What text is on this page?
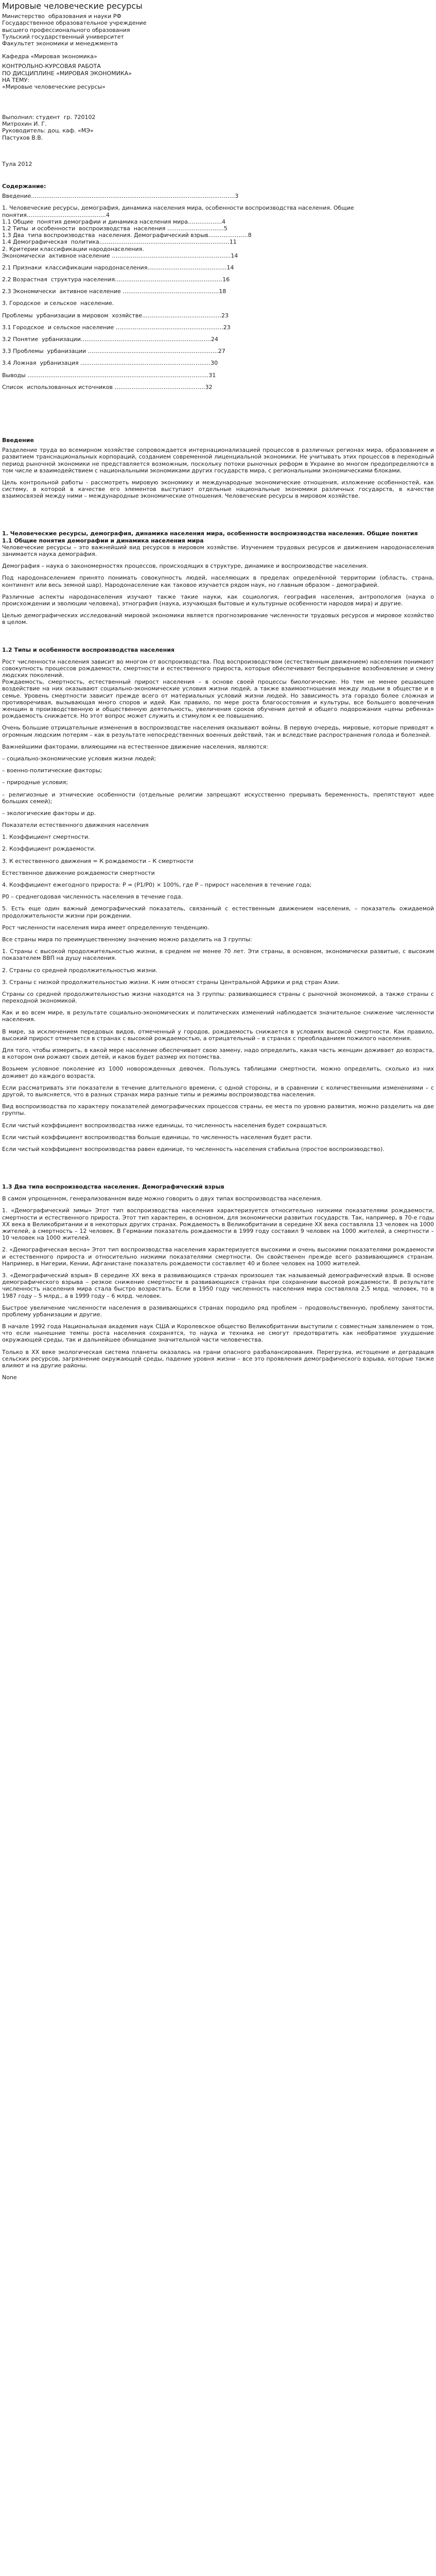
Мировые человеческие ресурсы
Министерство  образования и науки РФ
Государственное образовательное учреждение
высшего профессионального образования
Тульский государственный университет
Факультет экономики и менеджмента
Кафедра «Мировая экономика»
КОНТРОЛЬНО-КУРСОВАЯ РАБОТА
ПО ДИСЦИПЛИНЕ «МИРОВАЯ ЭКОНОМИКА»
НА ТЕМУ:
«Мировые человеческие ресурсы»
Выполнил: студент  гр. 720102
Митрохин И. Г.
Руководитель: доц. каф. «МЭ»
Пастухов В.В.
Тула 2012
Содержание:
Введение………………………………………………………………………………………………3
1. Человеческие ресурсы, демография, динамика населения мира, особенности воспроизводства населения. Общие понятия……………………………………4
1.1 Общие  понятия демографии и динамика населения мира………………4
1.2 Типы  и особенности  воспроизводства  населения …………………………5
1.3 Два  типа воспроизводства  населения. Демографический взрыв…………………8
1.4 Демографическая  политика……………………………………………………………11
2. Критерии классификации народонаселения.
Экономически  активное население ………………………………………………………14
2.1 Признаки  классификации народонаселения……………………………………14
2.2 Возрастная  структура населения…………………………………………………16
2.3 Экономически  активное население ……………………………………………18
3. Городское  и сельское  население.
Проблемы  урбанизации в мировом  хозяйстве……………………………………23
3.1 Городское  и сельское население …………………………………………………23
3.2 Понятие  урбанизации……………………………………………………………24
3.3 Проблемы  урбанизации ……………………………………………………………27
3.4 Ложная  урбанизация ……………………………………………………………30
Выводы ……………………………………………………………………………………31
Список  использованных источников …………………………………………32
Введение

Разделение труда во всемирном хозяйстве сопровождается интернационализацией процессов в различных регионах мира, образованием и развитием транснациональных корпораций, созданием современной лиценциальной экономики. Не учитывать этих процессов в переходный период рыночной экономики не представляется возможным, поскольку потоки рыночных реформ в Украине во многом предопределяются в том числе и взаимодействием с национальными экономиками других государств мира, с региональными экономическими блоками.

Цель контрольной работы - рассмотреть мировую экономику и международные экономические отношения, изложение особенностей, как систему, в которой в качестве его элементов выступают отдельные национальные экономики различных государств, в качестве взаимосвязей между ними – международные экономические отношения. Человеческие ресурсы в мировом хозяйстве.

1. Человеческие ресурсы, демография, динамика населения мира, особенности воспроизводства населения. Общие понятия
1.1 Общие понятия демографии и динамика населения мира

Человеческие ресурсы – это важнейший вид ресурсов в мировом хозяйстве. Изучением трудовых ресурсов и движением народонаселения занимается наука демография.

Демография – наука о закономерностях процессов, происходящих в структуре, динамике и воспроизводстве населения.

Под народонаселением принято понимать совокупность людей, населяющих в пределах определённой территории (область, страна, континент или весь земной шар). Народонаселение как таковое изучается рядом наук, но главным образом – демографией.

Различные аспекты народонаселения изучают также такие науки, как социология, география населения, антропология (наука о происхождении и эволюции человека), этнография (наука, изучающая бытовые и культурные особенности народов мира) и другие.

Целью демографических исследований мировой экономики является прогнозирование численности трудовых ресурсов и мировое хозяйство в целом.

1.2 Типы и особенности воспроизводства населения

Рост численности населения зависит во многом от воспроизводства. Под воспроизводством (естественным движением) населения понимают совокупность процессов рождаемости, смертности и естественного прироста, которые обеспечивают беспрерывное возобновление и смену людских поколений.

Рождаемость, смертность, естественный прирост населения – в основе своей процессы биологические. Но тем не менее решающее воздействие на них оказывают социально-экономические условия жизни людей, а также взаимоотношения между людьми в обществе и в семье. Уровень смертности зависит прежде всего от материальных условий жизни людей. Но зависимость эта гораздо более сложная и противоречивая, вызывающая много споров и идей. Как правило, по мере роста благосостояния и культуры, все большего вовлечения женщин в производственную и общественную деятельность, увеличения сроков обучения детей и общего подорожания «цены ребенка» рождаемость снижается. Но этот вопрос может служить и стимулом к ее повышению.

Очень большие отрицательные изменения в воспроизводстве населения оказывают войны. В первую очередь, мировые, которые приводят к огромным людским потерям – как в результате непосредственных военных действий, так и вследствие распространения голода и болезней.

Важнейшими факторами, влияющими на естественное движение населения, являются:

– социально-экономические условия жизни людей;

– военно-политические факторы;

– природные условия;

– религиозные и этнические особенности (отдельные религии запрещают искусственно прерывать беременность, препятствуют идее больших семей);

– экологические факторы и др.

Показатели естественного движения населения

1. Коэффициент смертности.

2. Коэффициент рождаемости.

3. К естественного движения = К рождаемости – К смертности

Естественное движение рождаемости смертности

4. Коэффициент ежегодного прироста: P = (P1/P0) × 100%, где P – прирост населения в течение года;

P0 – среднегодовая численность населения в течение года.

5. Есть еще один важный демографический показатель, связанный с естественным движением населения, – показатель ожидаемой продолжительности жизни при рождении.

Рост численности населения мира имеет определенную тенденцию.

Все страны мира по преимущественному значению можно разделить на 3 группы:

1. Страны с высокой продолжительностью жизни, в среднем не менее 70 лет. Эти страны, в основном, экономически развитые, с высоким показателем ВВП на душу населения.

2. Страны со средней продолжительностью жизни.

3. Страны с низкой продолжительностью жизни. К ним относят страны Центральной Африки и ряд стран Азии.

Страны со средней продолжительностью жизни находятся на 3 группы: развивающиеся страны с рыночной экономикой, а также страны с переходной экономикой.

Как и во всем мире, в результате социально-экономических и политических изменений наблюдается значительное снижение численности населения.

В мире, за исключением передовых видов, отмеченный у городов, рождаемость снижается в условиях высокой смертности. Как правило, высокий прирост отмечается в странах с высокой рождаемостью, а отрицательный – в странах с преобладанием пожилого населения.

Для того, чтобы измерить, в какой мере население обеспечивает свою замену, надо определить, какая часть женщин доживает до возраста, в котором они рожают своих детей, и каков будет размер их потомства.

Возьмем условное поколение из 1000 новорожденных девочек. Пользуясь таблицами смертности, можно определить, сколько из них доживет до каждого возраста.

Если рассматривать эти показатели в течение длительного времени, с одной стороны, и в сравнении с количественными изменениями – с другой, то выясняется, что в разных странах мира разные типы и режимы воспроизводства населения.

Вид воспроизводства по характеру показателей демографических процессов страны, ее места по уровню развития, можно разделить на две группы.

Если чистый коэффициент воспроизводства ниже единицы, то численность населения будет сокращаться.

Если чистый коэффициент воспроизводства больше единицы, то численность населения будет расти.

Если чистый коэффициент воспроизводства равен единице, то численность населения стабильна (простое воспроизводство).

1.3 Два типа воспроизводства населения. Демографический взрыв

В самом упрощенном, генерализованном виде можно говорить о двух типах воспроизводства населения.

1. «Демографический зимы» Этот тип воспроизводства населения характеризуется относительно низкими показателями рождаемости, смертности и естественного прироста. Этот тип характерен, в основном, для экономически развитых государств. Так, например, в 70-е годы ХХ века в Великобритании и в некоторых других странах. Рождаемость в Великобритании в середине ХХ века составляла 13 человек на 1000 жителей, а смертность – 12 человек. В Германии показатель рождаемости в 1999 году составил 9 человек на 1000 жителей, а смертности – 10 человек на 1000 жителей.

2. «Демографическая весна» Этот тип воспроизводства населения характеризуется высокими и очень высокими показателями рождаемости и естественного прироста и относительно низкими показателями смертности. Он свойственен прежде всего развивающимся странам. Например, в Нигерии, Кении, Афганистане показатель рождаемости составляет 40 и более человек на 1000 жителей.

3. «Демографический взрыв» В середине ХХ века в развивающихся странах произошел так называемый демографический взрыв. В основе демографического взрыва – резкое снижение смертности в развивающихся странах при сохранении высокой рождаемости. В результате численность населения мира стала быстро возрастать. Если в 1950 году численность населения мира составляла 2,5 млрд. человек, то в 1987 году – 5 млрд., а в 1999 году – 6 млрд. человек.

Быстрое увеличение численности населения в развивающихся странах породило ряд проблем – продовольственную, проблему занятости, проблему урбанизации и другие.

В начале 1992 года Национальная академия наук США и Королевское общество Великобритании выступили с совместным заявлением о том, что если нынешние темпы роста населения сохранятся, то наука и техника не смогут предотвратить как необратимое ухудшение окружающей среды, так и дальнейшее обнищание значительной части человечества.

Только в XX веке экологическая система планеты оказалась на грани опасного разбалансирования. Перегрузка, истощение и деградация сельских ресурсов, загрязнение окружающей среды, падение уровня жизни – все это проявления демографического взрыва, которые также влияют и на другие районы.

None
